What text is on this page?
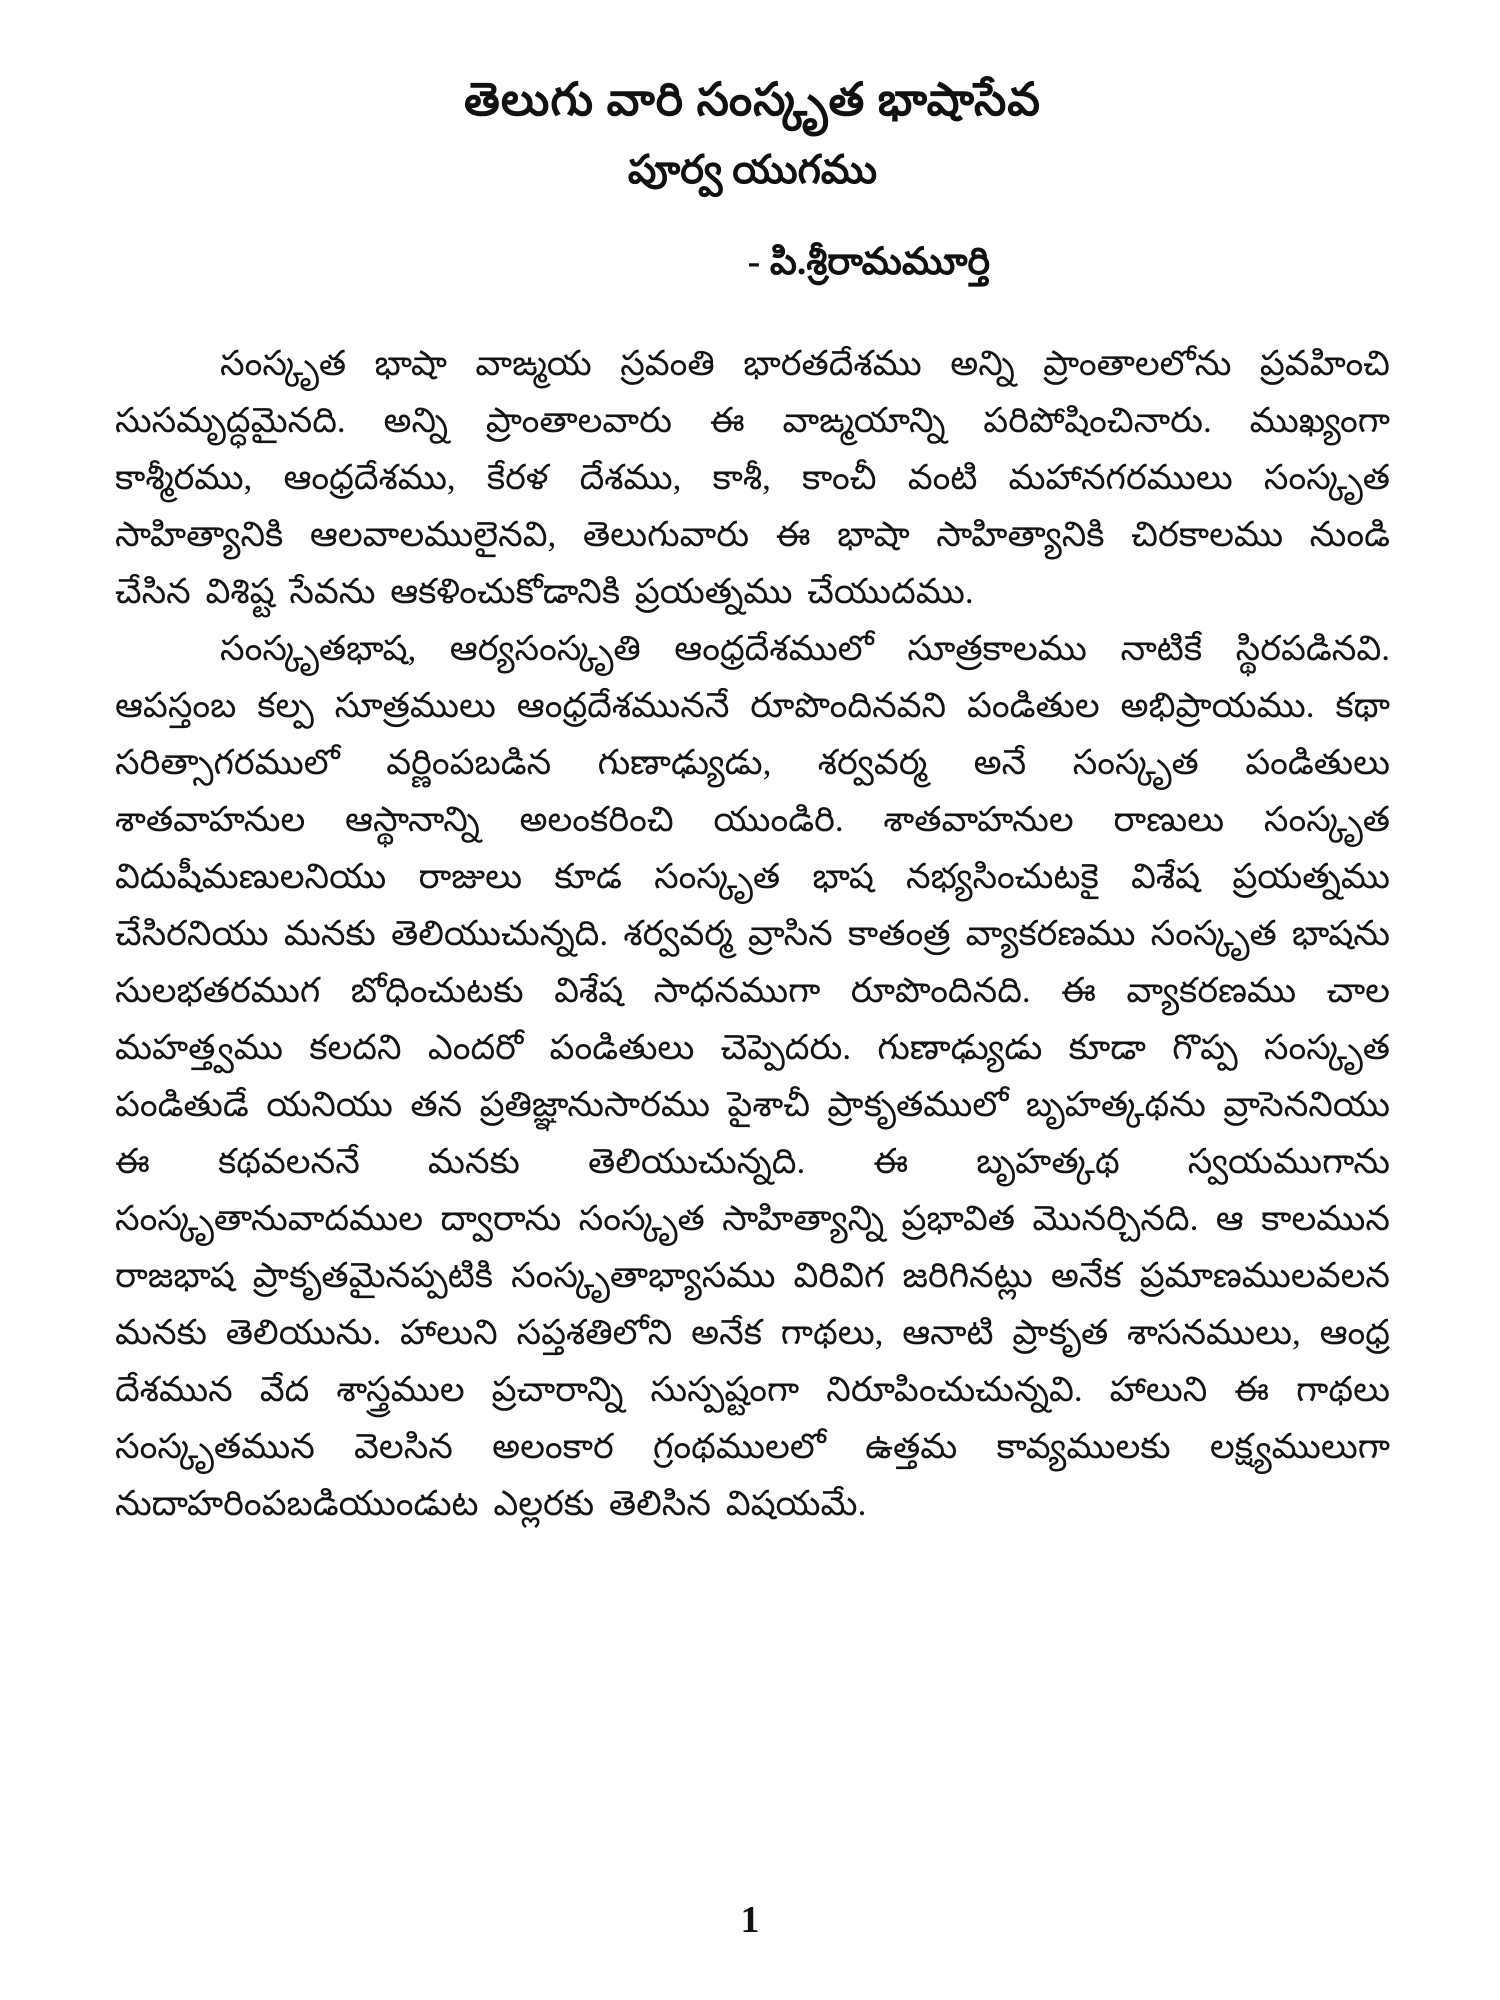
తెలుగు వారి సంస్కృత భాషాసేవ
పూర్వ యుగము
- పి.శ్రీరామమూర్తి

సంస్కృత భాషా వాఙ్మయ స్రవంతి భారతదేశము అన్ని ప్రాంతాలలోను ప్రవహించి సుసమృద్ధమైనది. అన్ని ప్రాంతాలవారు ఈ వాఙ్మయాన్ని పరిపోషించినారు. ముఖ్యంగా కాశ్మీరము, ఆంధ్రదేశము, కేరళ దేశము, కాశీ, కాంచీ వంటి మహానగరములు సంస్కృత సాహిత్యానికి ఆలవాలములైనవి, తెలుగువారు ఈ భాషా సాహిత్యానికి చిరకాలము నుండి చేసిన విశిష్ట సేవను ఆకళించుకోడానికి ప్రయత్నము చేయుదము.

సంస్కృతభాష, ఆర్యసంస్కృతి ఆంధ్రదేశములో సూత్రకాలము నాటికే స్థిరపడినవి. ఆపస్తంబ కల్ప సూత్రములు ఆంధ్రదేశముననే రూపొందినవని పండితుల అభిప్రాయము. కథా సరిత్సాగరములో వర్ణింపబడిన గుణాఢ్యుడు, శర్వవర్మ అనే సంస్కృత పండితులు శాతవాహనుల ఆస్థానాన్ని అలంకరించి యుండిరి. శాతవాహనుల రాణులు సంస్కృత విదుషీమణులనియు రాజులు కూడ సంస్కృత భాష నభ్యసించుటకై విశేష ప్రయత్నము చేసిరనియు మనకు తెలియుచున్నది. శర్వవర్మ వ్రాసిన కాతంత్ర వ్యాకరణము సంస్కృత భాషను సులభతరముగ బోధించుటకు విశేష సాధనముగా రూపొందినది. ఈ వ్యాకరణము చాల మహత్త్వము కలదని ఎందరో పండితులు చెప్పెదరు. గుణాఢ్యుడు కూడా గొప్ప సంస్కృత పండితుడే యనియు తన ప్రతిజ్ఞానుసారము పైశాచీ ప్రాకృతములో బృహత్కథను వ్రాసెననియు ఈ కథవలననే మనకు తెలియుచున్నది. ఈ బృహత్కథ స్వయముగాను సంస్కృతానువాదముల ద్వారాను సంస్కృత సాహిత్యాన్ని ప్రభావిత మొనర్చినది. ఆ కాలమున రాజభాష ప్రాకృతమైనప్పటికి సంస్కృతాభ్యాసము విరివిగ జరిగినట్లు అనేక ప్రమాణములవలన మనకు తెలియును. హాలుని సప్తశతిలోని అనేక గాథలు, ఆనాటి ప్రాకృత శాసనములు, ఆంధ్ర దేశమున వేద శాస్త్రముల ప్రచారాన్ని సుస్పష్టంగా నిరూపించుచున్నవి. హాలుని ఈ గాథలు సంస్కృతమున వెలసిన అలంకార గ్రంథములలో ఉత్తమ కావ్యములకు లక్ష్యములుగా నుదాహరింపబడియుండుట ఎల్లరకు తెలిసిన విషయమే.

1
